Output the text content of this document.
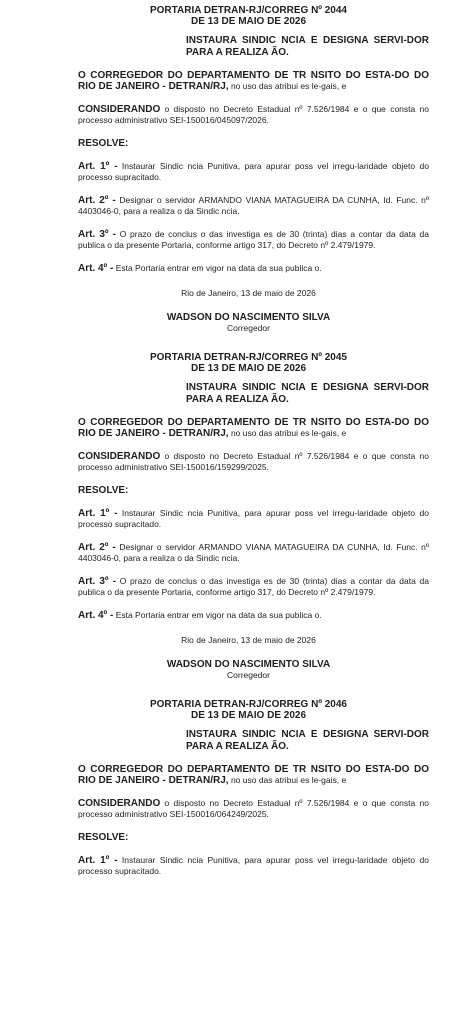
PORTARIA DETRAN-RJ/CORREG Nº 2044
DE 13 DE MAIO DE 2026
INSTAURA SINDIC NCIA E DESIGNA SERVI-DOR PARA A REALIZA ÃO.
O CORREGEDOR DO DEPARTAMENTO DE TR NSITO DO ESTA-DO DO RIO DE JANEIRO - DETRAN/RJ, no uso das atribui es le-gais, e
CONSIDERANDO o disposto no Decreto Estadual nº 7.526/1984 e o que consta no processo administrativo SEI-150016/045097/2026.
RESOLVE:
Art. 1º - Instaurar Sindic ncia Punitiva, para apurar poss vel irregu-laridade objeto do processo supracitado.
Art. 2º - Designar o servidor ARMANDO VIANA MATAGUEIRA DA CUNHA, Id. Func. nº 4403046-0, para a realiza o da Sindic ncia.
Art. 3º - O prazo de conclus o das investiga es de 30 (trinta) dias a contar da data da publica o da presente Portaria, conforme artigo 317, do Decreto nº 2.479/1979.
Art. 4º - Esta Portaria entrar em vigor na data da sua publica o.
Rio de Janeiro, 13 de maio de 2026
WADSON DO NASCIMENTO SILVA
Corregedor
PORTARIA DETRAN-RJ/CORREG Nº 2045
DE 13 DE MAIO DE 2026
INSTAURA SINDIC NCIA E DESIGNA SERVI-DOR PARA A REALIZA ÃO.
O CORREGEDOR DO DEPARTAMENTO DE TR NSITO DO ESTA-DO DO RIO DE JANEIRO - DETRAN/RJ, no uso das atribui es le-gais, e
CONSIDERANDO o disposto no Decreto Estadual nº 7.526/1984 e o que consta no processo administrativo SEI-150016/159299/2025.
RESOLVE:
Art. 1º - Instaurar Sindic ncia Punitiva, para apurar poss vel irregu-laridade objeto do processo supracitado.
Art. 2º - Designar o servidor ARMANDO VIANA MATAGUEIRA DA CUNHA, Id. Func. nº 4403046-0, para a realiza o da Sindic ncia.
Art. 3º - O prazo de conclus o das investiga es de 30 (trinta) dias a contar da data da publica o da presente Portaria, conforme artigo 317, do Decreto nº 2.479/1979.
Art. 4º - Esta Portaria entrar em vigor na data da sua publica o.
Rio de Janeiro, 13 de maio de 2026
WADSON DO NASCIMENTO SILVA
Corregedor
PORTARIA DETRAN-RJ/CORREG Nº 2046
DE 13 DE MAIO DE 2026
INSTAURA SINDIC NCIA E DESIGNA SERVI-DOR PARA A REALIZA ÃO.
O CORREGEDOR DO DEPARTAMENTO DE TR NSITO DO ESTA-DO DO RIO DE JANEIRO - DETRAN/RJ, no uso das atribui es le-gais, e
CONSIDERANDO o disposto no Decreto Estadual nº 7.526/1984 e o que consta no processo administrativo SEI-150016/064249/2025.
RESOLVE:
Art. 1º - Instaurar Sindic ncia Punitiva, para apurar poss vel irregu-laridade objeto do processo supracitado.
